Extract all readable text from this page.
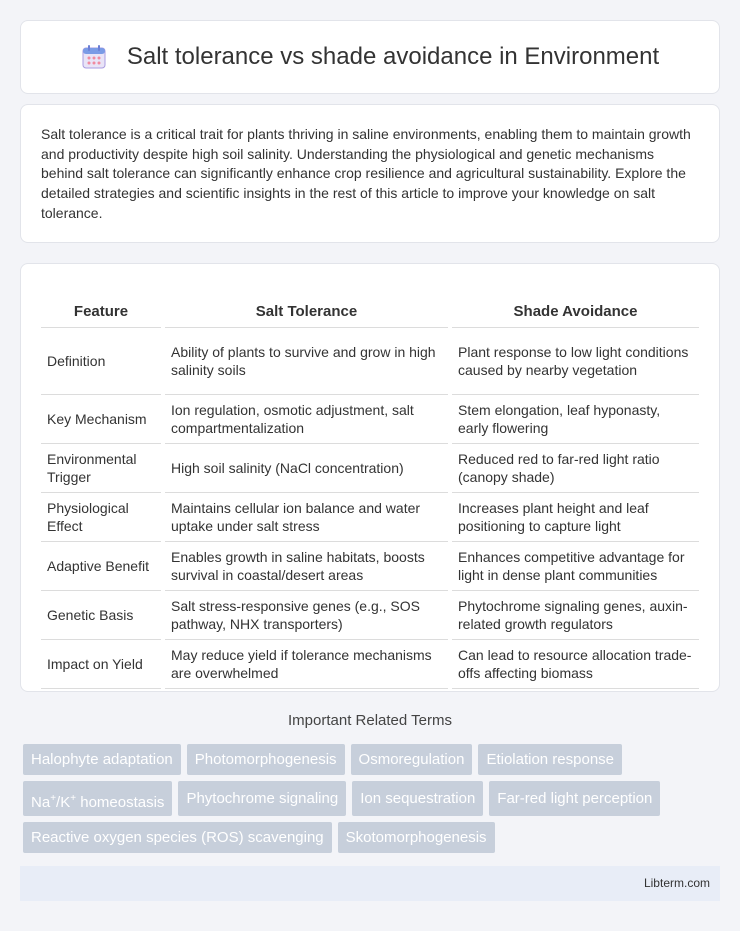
Salt tolerance vs shade avoidance in Environment

Salt tolerance is a critical trait for plants thriving in saline environments, enabling them to maintain growth and productivity despite high soil salinity. Understanding the physiological and genetic mechanisms behind salt tolerance can significantly enhance crop resilience and agricultural sustainability. Explore the detailed strategies and scientific insights in the rest of this article to improve your knowledge on salt tolerance.

Feature	Salt Tolerance	Shade Avoidance
Definition	Ability of plants to survive and grow in high salinity soils	Plant response to low light conditions caused by nearby vegetation
Key Mechanism	Ion regulation, osmotic adjustment, salt compartmentalization	Stem elongation, leaf hyponasty, early flowering
Environmental Trigger	High soil salinity (NaCl concentration)	Reduced red to far-red light ratio (canopy shade)
Physiological Effect	Maintains cellular ion balance and water uptake under salt stress	Increases plant height and leaf positioning to capture light
Adaptive Benefit	Enables growth in saline habitats, boosts survival in coastal/desert areas	Enhances competitive advantage for light in dense plant communities
Genetic Basis	Salt stress-responsive genes (e.g., SOS pathway, NHX transporters)	Phytochrome signaling genes, auxin-related growth regulators
Impact on Yield	May reduce yield if tolerance mechanisms are overwhelmed	Can lead to resource allocation trade-offs affecting biomass
Important Related Terms
Halophyte adaptation	Photomorphogenesis	Osmoregulation	Etiolation response
Na+/K+ homeostasis	Phytochrome signaling	Ion sequestration	Far-red light perception
Reactive oxygen species (ROS) scavenging	Skotomorphogenesis
Libterm.com
